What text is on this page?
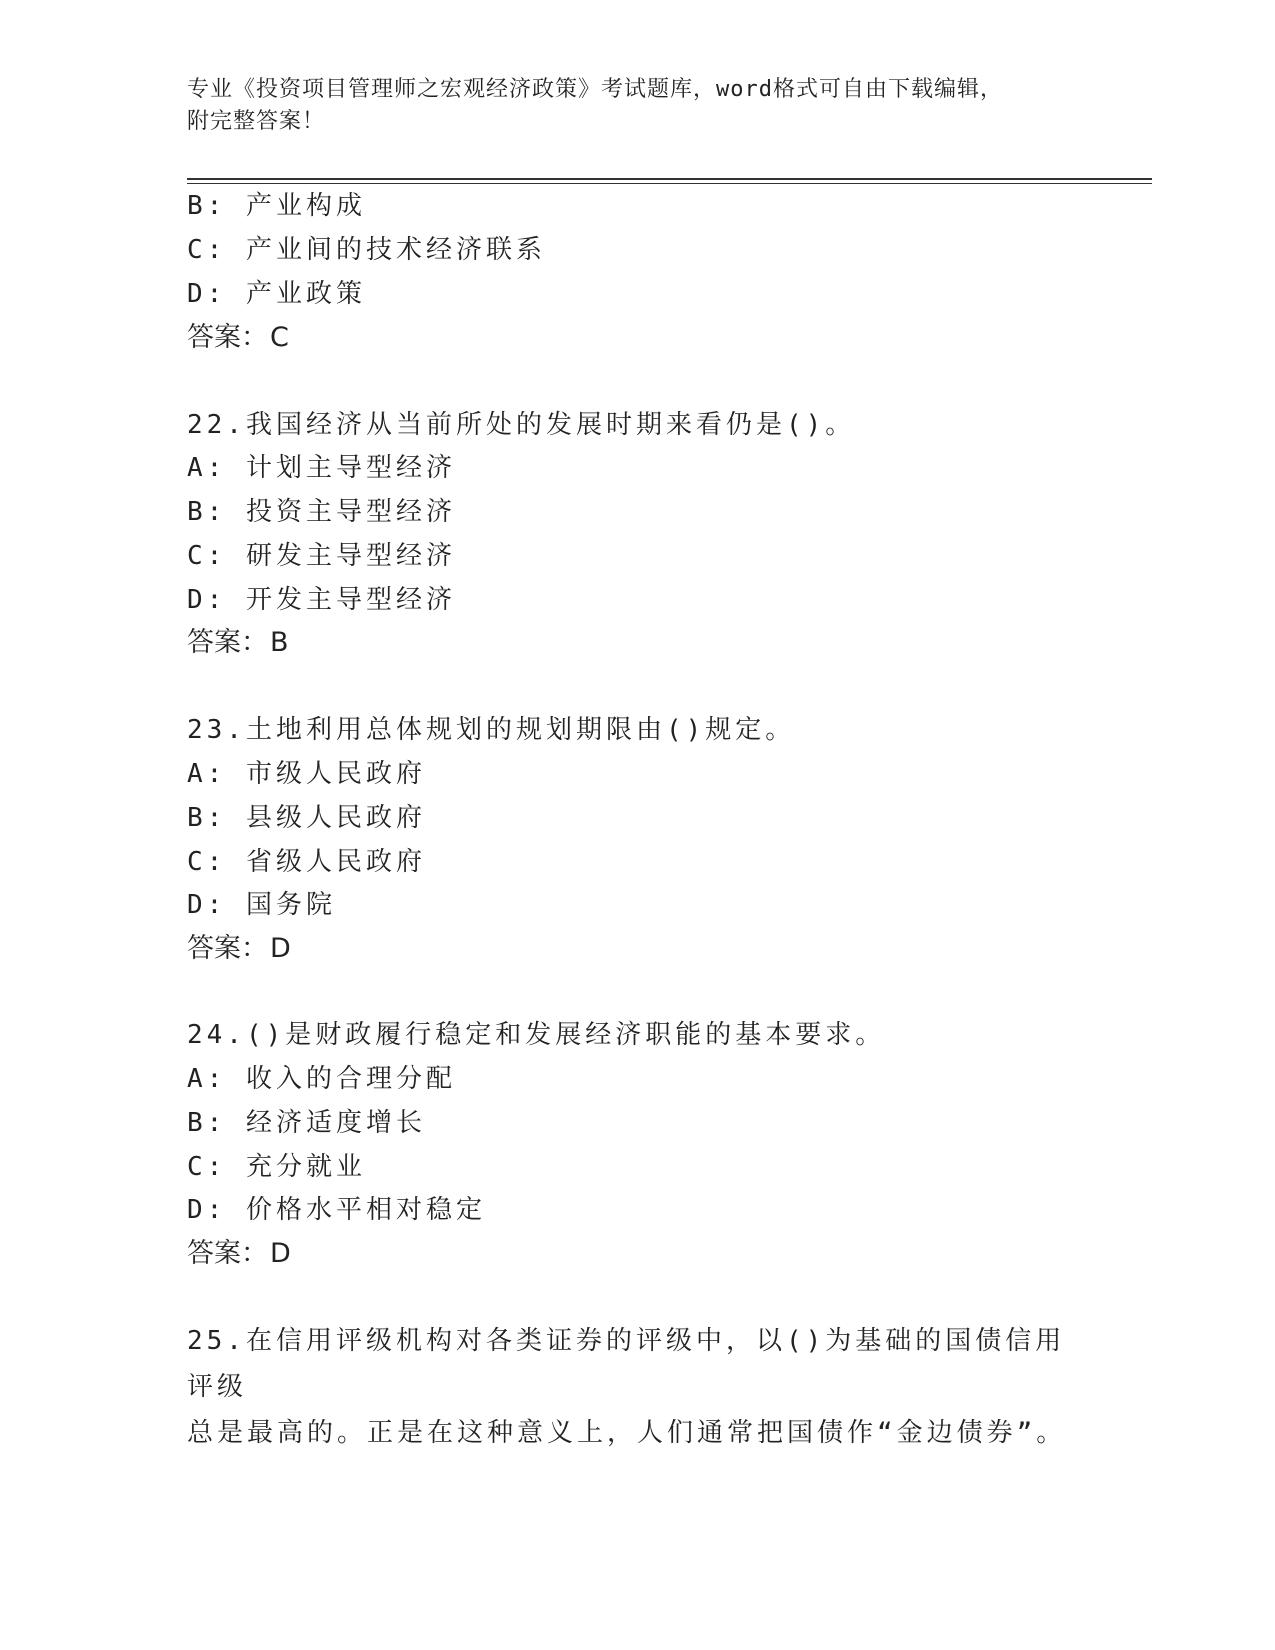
专业《投资项目管理师之宏观经济政策》考试题库，word格式可自由下载编辑，
附完整答案！
B: 产业构成
C: 产业间的技术经济联系
D: 产业政策
答案：C
22.我国经济从当前所处的发展时期来看仍是()。
A: 计划主导型经济
B: 投资主导型经济
C: 研发主导型经济
D: 开发主导型经济
答案：B
23.土地利用总体规划的规划期限由()规定。
A: 市级人民政府
B: 县级人民政府
C: 省级人民政府
D: 国务院
答案：D
24.()是财政履行稳定和发展经济职能的基本要求。
A: 收入的合理分配
B: 经济适度增长
C: 充分就业
D: 价格水平相对稳定
答案：D
25.在信用评级机构对各类证券的评级中，以()为基础的国债信用评级
总是最高的。正是在这种意义上，人们通常把国债作“金边债券”。
